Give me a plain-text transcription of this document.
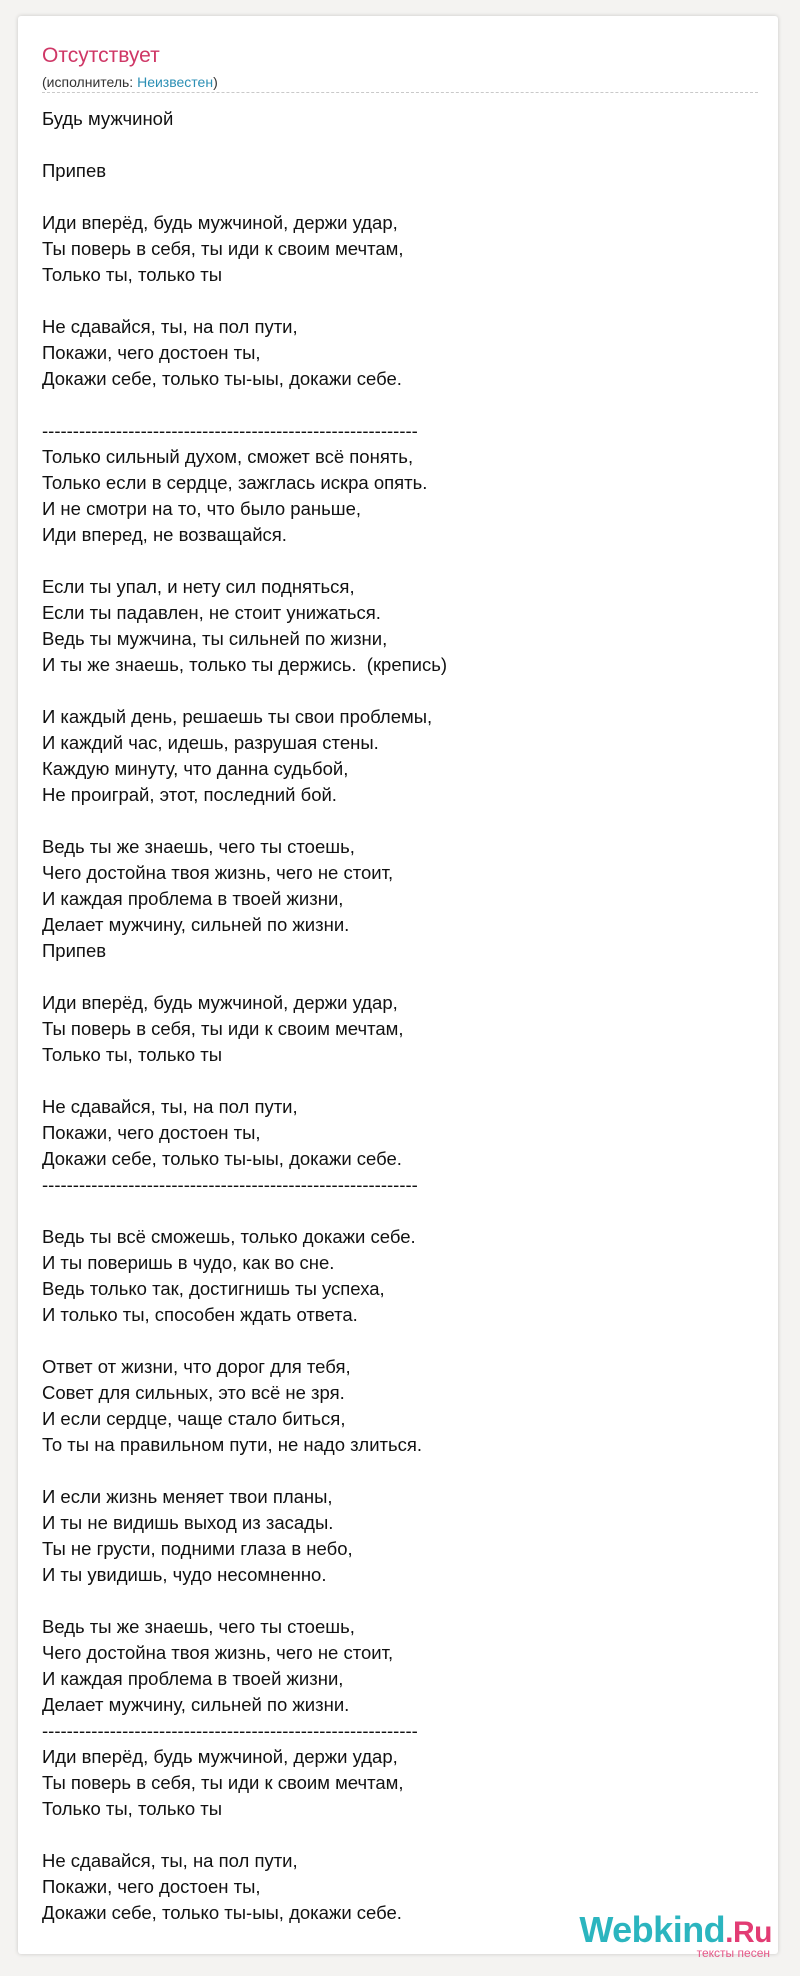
Отсутствует
(исполнитель: Неизвестен)
Будь мужчиной
Припев
Иди вперёд, будь мужчиной, держи удар,
Ты поверь в себя, ты иди к своим мечтам,
Только ты, только ты
Не сдавайся, ты, на пол пути,
Покажи, чего достоен ты,
Докажи себе, только ты-ыы, докажи себе.
-------------------------------------------------------------
Только сильный духом, сможет всё понять,
Только если в сердце, зажглась искра опять.
И не смотри на то, что было раньше,
Иди вперед, не возващайся.
Если ты упал, и нету сил подняться,
Если ты падавлен, не стоит унижаться.
Ведь ты мужчина, ты сильней по жизни,
И ты же знаешь, только ты держись.  (крепись)
И каждый день, решаешь ты свои проблемы,
И каждий час, идешь, разрушая стены.
Каждую минуту, что данна судьбой,
Не проиграй, этот, последний бой.
Ведь ты же знаешь, чего ты стоешь,
Чего достойна твоя жизнь, чего не стоит,
И каждая проблема в твоей жизни,
Делает мужчину, сильней по жизни.
Припев
Иди вперёд, будь мужчиной, держи удар,
Ты поверь в себя, ты иди к своим мечтам,
Только ты, только ты
Не сдавайся, ты, на пол пути,
Покажи, чего достоен ты,
Докажи себе, только ты-ыы, докажи себе.
-------------------------------------------------------------
Ведь ты всё сможешь, только докажи себе.
И ты поверишь в чудо, как во сне.
Ведь только так, достигнишь ты успеха,
И только ты, способен ждать ответа.
Ответ от жизни, что дорог для тебя,
Совет для сильных, это всё не зря.
И если сердце, чаще стало биться,
То ты на правильном пути, не надо злиться.
И если жизнь меняет твои планы,
И ты не видишь выход из засады.
Ты не грусти, подними глаза в небо,
И ты увидишь, чудо несомненно.
Ведь ты же знаешь, чего ты стоешь,
Чего достойна твоя жизнь, чего не стоит,
И каждая проблема в твоей жизни,
Делает мужчину, сильней по жизни.
-------------------------------------------------------------
Иди вперёд, будь мужчиной, держи удар,
Ты поверь в себя, ты иди к своим мечтам,
Только ты, только ты
Не сдавайся, ты, на пол пути,
Покажи, чего достоен ты,
Докажи себе, только ты-ыы, докажи себе.	Webkind.Ru
тексты песен
